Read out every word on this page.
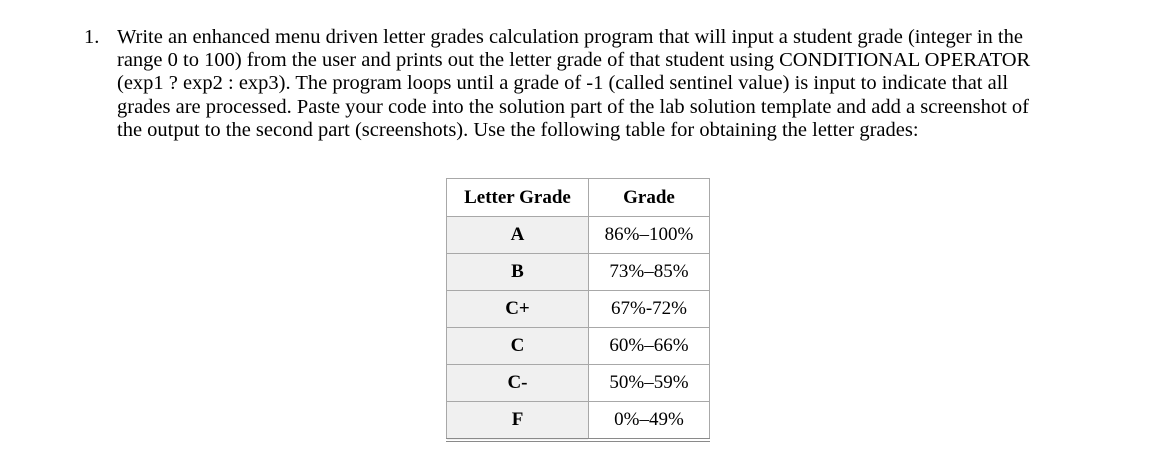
1. Write an enhanced menu driven letter grades calculation program that will input a student grade (integer in the
range 0 to 100) from the user and prints out the letter grade of that student using CONDITIONAL OPERATOR
(exp1 ? exp2 : exp3). The program loops until a grade of -1 (called sentinel value) is input to indicate that all
grades are processed. Paste your code into the solution part of the lab solution template and add a screenshot of
the output to the second part (screenshots). Use the following table for obtaining the letter grades:
Letter Grade	Grade
A	86%–100%
B	73%–85%
C+	67%-72%
C	60%–66%
C-	50%–59%
F	0%–49%
